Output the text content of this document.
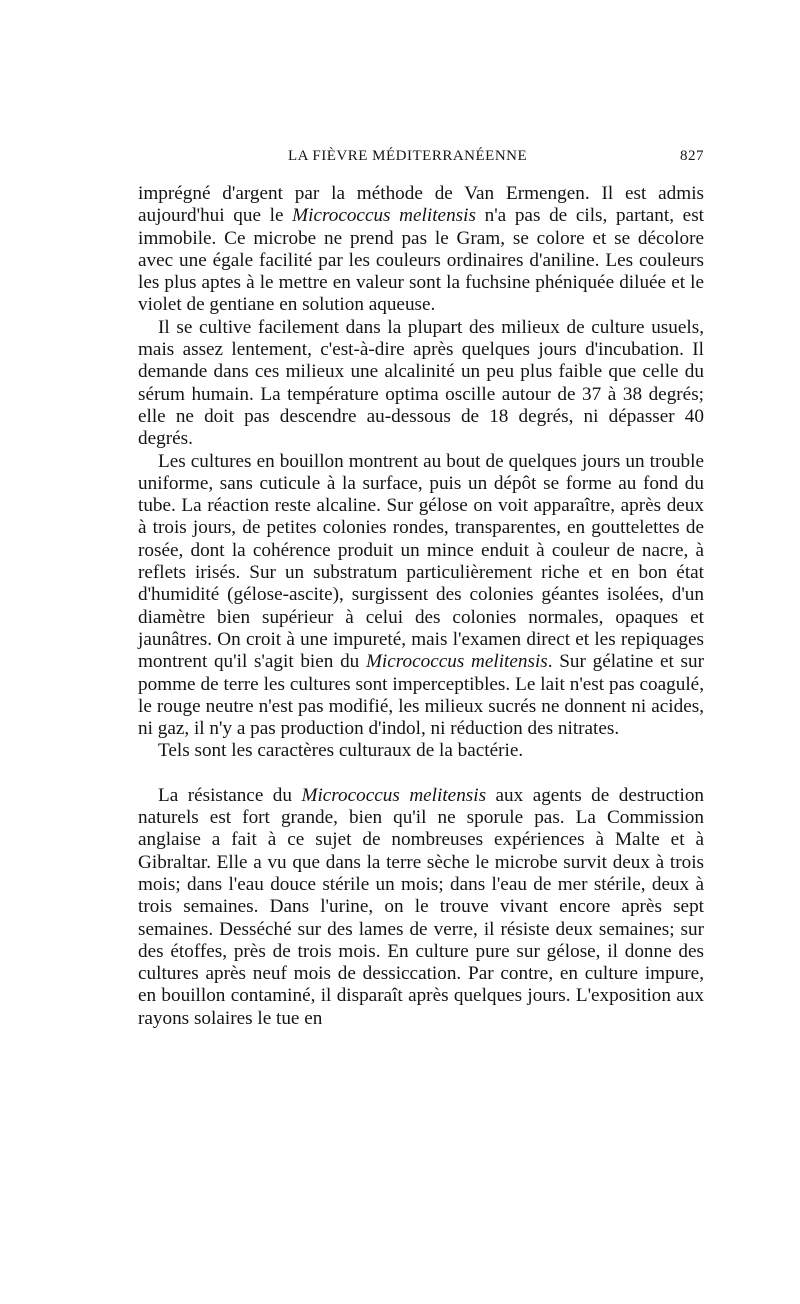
LA FIÈVRE MÉDITERRANÉENNE	827

imprégné d'argent par la méthode de Van Ermengen. Il est admis aujourd'hui que le Micrococcus melitensis n'a pas de cils, partant, est immobile. Ce microbe ne prend pas le Gram, se colore et se décolore avec une égale facilité par les couleurs ordinaires d'aniline. Les couleurs les plus aptes à le mettre en valeur sont la fuchsine phéniquée diluée et le violet de gentiane en solution aqueuse.

Il se cultive facilement dans la plupart des milieux de culture usuels, mais assez lentement, c'est-à-dire après quelques jours d'incubation. Il demande dans ces milieux une alcalinité un peu plus faible que celle du sérum humain. La température optima oscille autour de 37 à 38 degrés; elle ne doit pas descendre au-dessous de 18 degrés, ni dépasser 40 degrés.

Les cultures en bouillon montrent au bout de quelques jours un trouble uniforme, sans cuticule à la surface, puis un dépôt se forme au fond du tube. La réaction reste alcaline. Sur gélose on voit apparaître, après deux à trois jours, de petites colonies rondes, transparentes, en gouttelettes de rosée, dont la cohérence produit un mince enduit à couleur de nacre, à reflets irisés. Sur un substratum particulièrement riche et en bon état d'humidité (gélose-ascite), surgissent des colonies géantes isolées, d'un diamètre bien supérieur à celui des colonies normales, opaques et jaunâtres. On croit à une impureté, mais l'examen direct et les repiquages montrent qu'il s'agit bien du Micrococcus melitensis. Sur gélatine et sur pomme de terre les cultures sont imperceptibles. Le lait n'est pas coagulé, le rouge neutre n'est pas modifié, les milieux sucrés ne donnent ni acides, ni gaz, il n'y a pas production d'indol, ni réduction des nitrates.

Tels sont les caractères culturaux de la bactérie.

La résistance du Micrococcus melitensis aux agents de destruction naturels est fort grande, bien qu'il ne sporule pas. La Commission anglaise a fait à ce sujet de nombreuses expériences à Malte et à Gibraltar. Elle a vu que dans la terre sèche le microbe survit deux à trois mois; dans l'eau douce stérile un mois; dans l'eau de mer stérile, deux à trois semaines. Dans l'urine, on le trouve vivant encore après sept semaines. Desséché sur des lames de verre, il résiste deux semaines; sur des étoffes, près de trois mois. En culture pure sur gélose, il donne des cultures après neuf mois de dessiccation. Par contre, en culture impure, en bouillon contaminé, il disparaît après quelques jours. L'exposition aux rayons solaires le tue en
